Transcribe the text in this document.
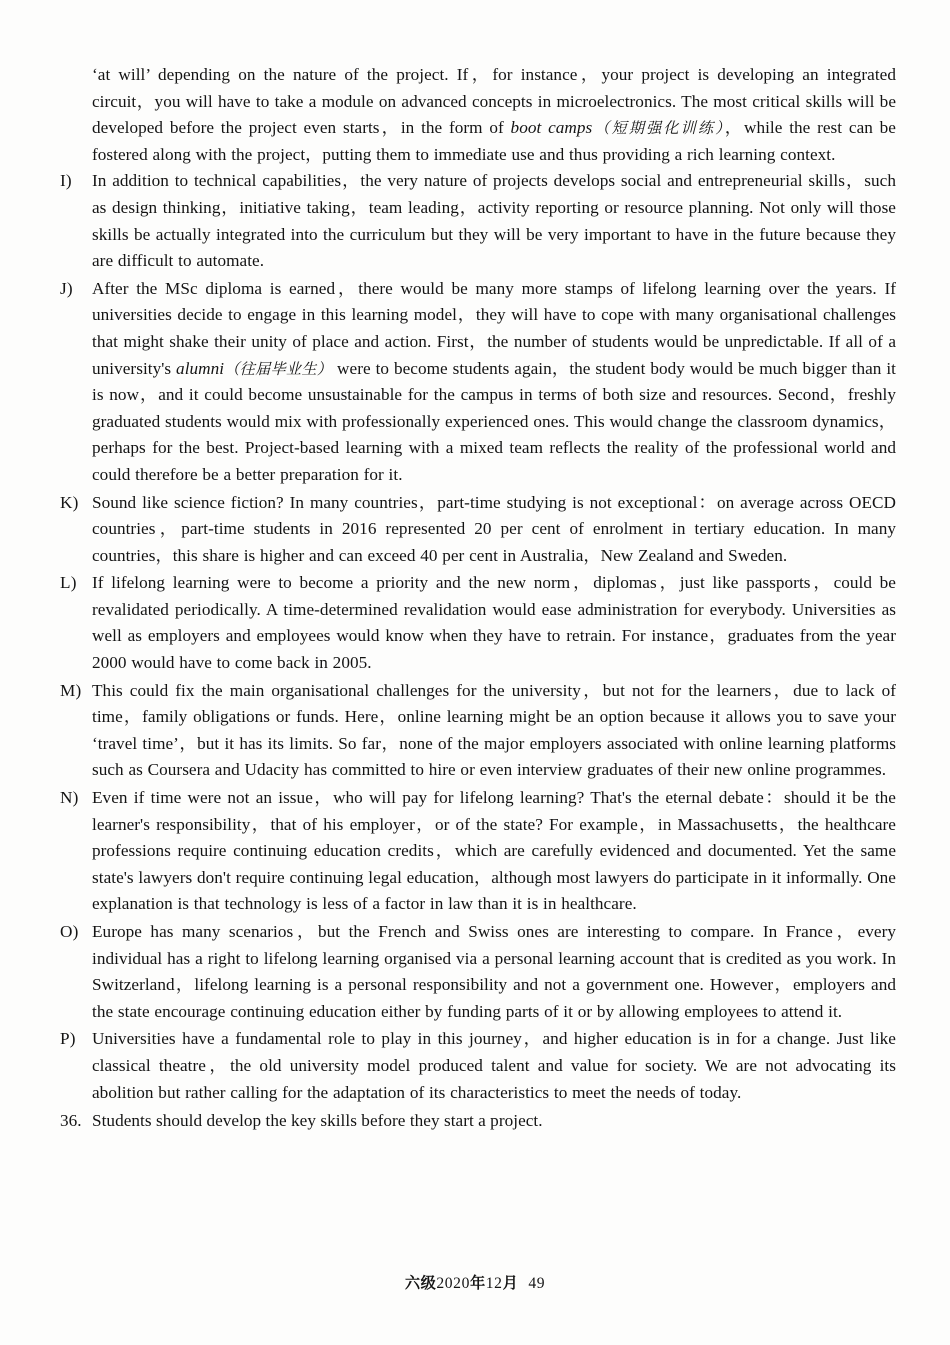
‘at will’ depending on the nature of the project. If，for instance，your project is developing an integrated circuit，you will have to take a module on advanced concepts in microelectronics. The most critical skills will be developed before the project even starts，in the form of boot camps（短期强化训练），while the rest can be fostered along with the project，putting them to immediate use and thus providing a rich learning context.

I)	In addition to technical capabilities，the very nature of projects develops social and entrepreneurial skills，such as design thinking，initiative taking，team leading，activity reporting or resource planning. Not only will those skills be actually integrated into the curriculum but they will be very important to have in the future because they are difficult to automate.
J)	After the MSc diploma is earned，there would be many more stamps of lifelong learning over the years. If universities decide to engage in this learning model，they will have to cope with many organisational challenges that might shake their unity of place and action. First，the number of students would be unpredictable. If all of a university's alumni（往届毕业生） were to become students again，the student body would be much bigger than it is now，and it could become unsustainable for the campus in terms of both size and resources. Second，freshly graduated students would mix with professionally experienced ones. This would change the classroom dynamics，perhaps for the best. Project-based learning with a mixed team reflects the reality of the professional world and could therefore be a better preparation for it.
K) Sound like science fiction? In many countries，part-time studying is not exceptional：on average across OECD countries，part-time students in 2016 represented 20 per cent of enrolment in tertiary education. In many countries，this share is higher and can exceed 40 per cent in Australia，New Zealand and Sweden.
L) If lifelong learning were to become a priority and the new norm，diplomas，just like passports，could be revalidated periodically. A time-determined revalidation would ease administration for everybody. Universities as well as employers and employees would know when they have to retrain. For instance，graduates from the year 2000 would have to come back in 2005.
M) This could fix the main organisational challenges for the university，but not for the learners，due to lack of time，family obligations or funds. Here，online learning might be an option because it allows you to save your ‘travel time’，but it has its limits. So far，none of the major employers associated with online learning platforms such as Coursera and Udacity has committed to hire or even interview graduates of their new online programmes.
N) Even if time were not an issue，who will pay for lifelong learning? That's the eternal debate：should it be the learner's responsibility，that of his employer，or of the state? For example，in Massachusetts，the healthcare professions require continuing education credits，which are carefully evidenced and documented. Yet the same state's lawyers don't require continuing legal education，although most lawyers do participate in it informally. One explanation is that technology is less of a factor in law than it is in healthcare.
O) Europe has many scenarios，but the French and Swiss ones are interesting to compare. In France，every individual has a right to lifelong learning organised via a personal learning account that is credited as you work. In Switzerland，lifelong learning is a personal responsibility and not a government one. However，employers and the state encourage continuing education either by funding parts of it or by allowing employees to attend it.
P) Universities have a fundamental role to play in this journey，and higher education is in for a change. Just like classical theatre，the old university model produced talent and value for society. We are not advocating its abolition but rather calling for the adaptation of its characteristics to meet the needs of today.
36. Students should develop the key skills before they start a project.
六级2020年12月 49
